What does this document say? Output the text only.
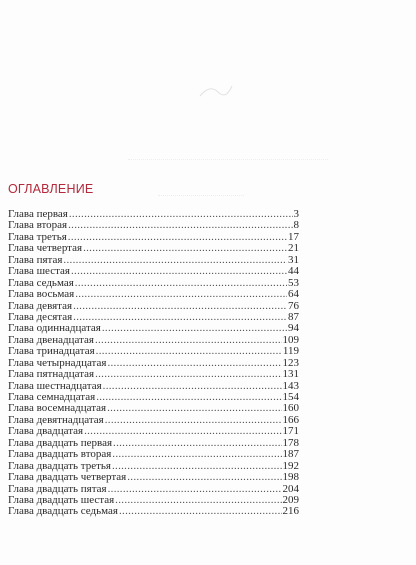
ОГЛАВЛЕНИЕ
Глава первая .....	3
Глава вторая .....	8
Глава третья .....	17
Глава четвертая .....	21
Глава пятая .....	31
Глава шестая .....	44
Глава седьмая .....	53
Глава восьмая .....	64
Глава девятая .....	76
Глава десятая .....	87
Глава одиннадцатая .....	94
Глава двенадцатая .....	109
Глава тринадцатая .....	119
Глава четырнадцатая .....	123
Глава пятнадцатая .....	131
Глава шестнадцатая .....	143
Глава семнадцатая .....	154
Глава восемнадцатая .....	160
Глава девятнадцатая .....	166
Глава двадцатая .....	171
Глава двадцать первая .....	178
Глава двадцать вторая .....	187
Глава двадцать третья .....	192
Глава двадцать четвертая .....	198
Глава двадцать пятая .....	204
Глава двадцать шестая .....	209
Глава двадцать седьмая .....	216
